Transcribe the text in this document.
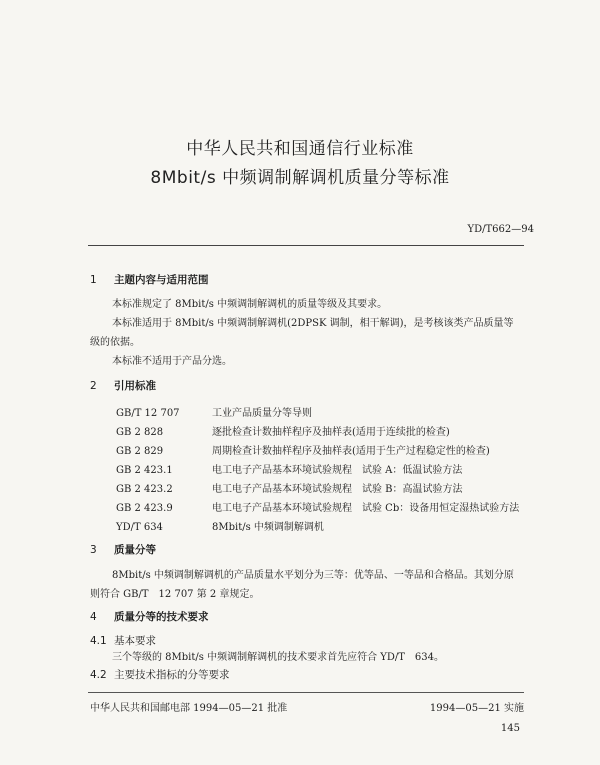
中华人民共和国通信行业标准
8Mbit/s 中频调制解调机质量分等标准
YD/T662—94
1 主题内容与适用范围
本标准规定了 8Mbit/s 中频调制解调机的质量等级及其要求。
本标准适用于 8Mbit/s 中频调制解调机(2DPSK 调制，相干解调)，是考核该类产品质量等级的依据。
本标准不适用于产品分选。
2 引用标准
GB/T 12 707	工业产品质量分等导则
GB 2 828	逐批检查计数抽样程序及抽样表(适用于连续批的检查)
GB 2 829	周期检查计数抽样程序及抽样表(适用于生产过程稳定性的检查)
GB 2 423.1	电工电子产品基本环境试验规程　试验 A：低温试验方法
GB 2 423.2	电工电子产品基本环境试验规程　试验 B：高温试验方法
GB 2 423.9	电工电子产品基本环境试验规程　试验 Cb：设备用恒定湿热试验方法
YD/T 634	8Mbit/s 中频调制解调机
3 质量分等
8Mbit/s 中频调制解调机的产品质量水平划分为三等：优等品、一等品和合格品。其划分原则符合 GB/T　12 707 第 2 章规定。
4 质量分等的技术要求
4.1 基本要求
三个等级的 8Mbit/s 中频调制解调机的技术要求首先应符合 YD/T　634。
4.2 主要技术指标的分等要求
中华人民共和国邮电部 1994—05—21 批准	1994—05—21 实施
145
